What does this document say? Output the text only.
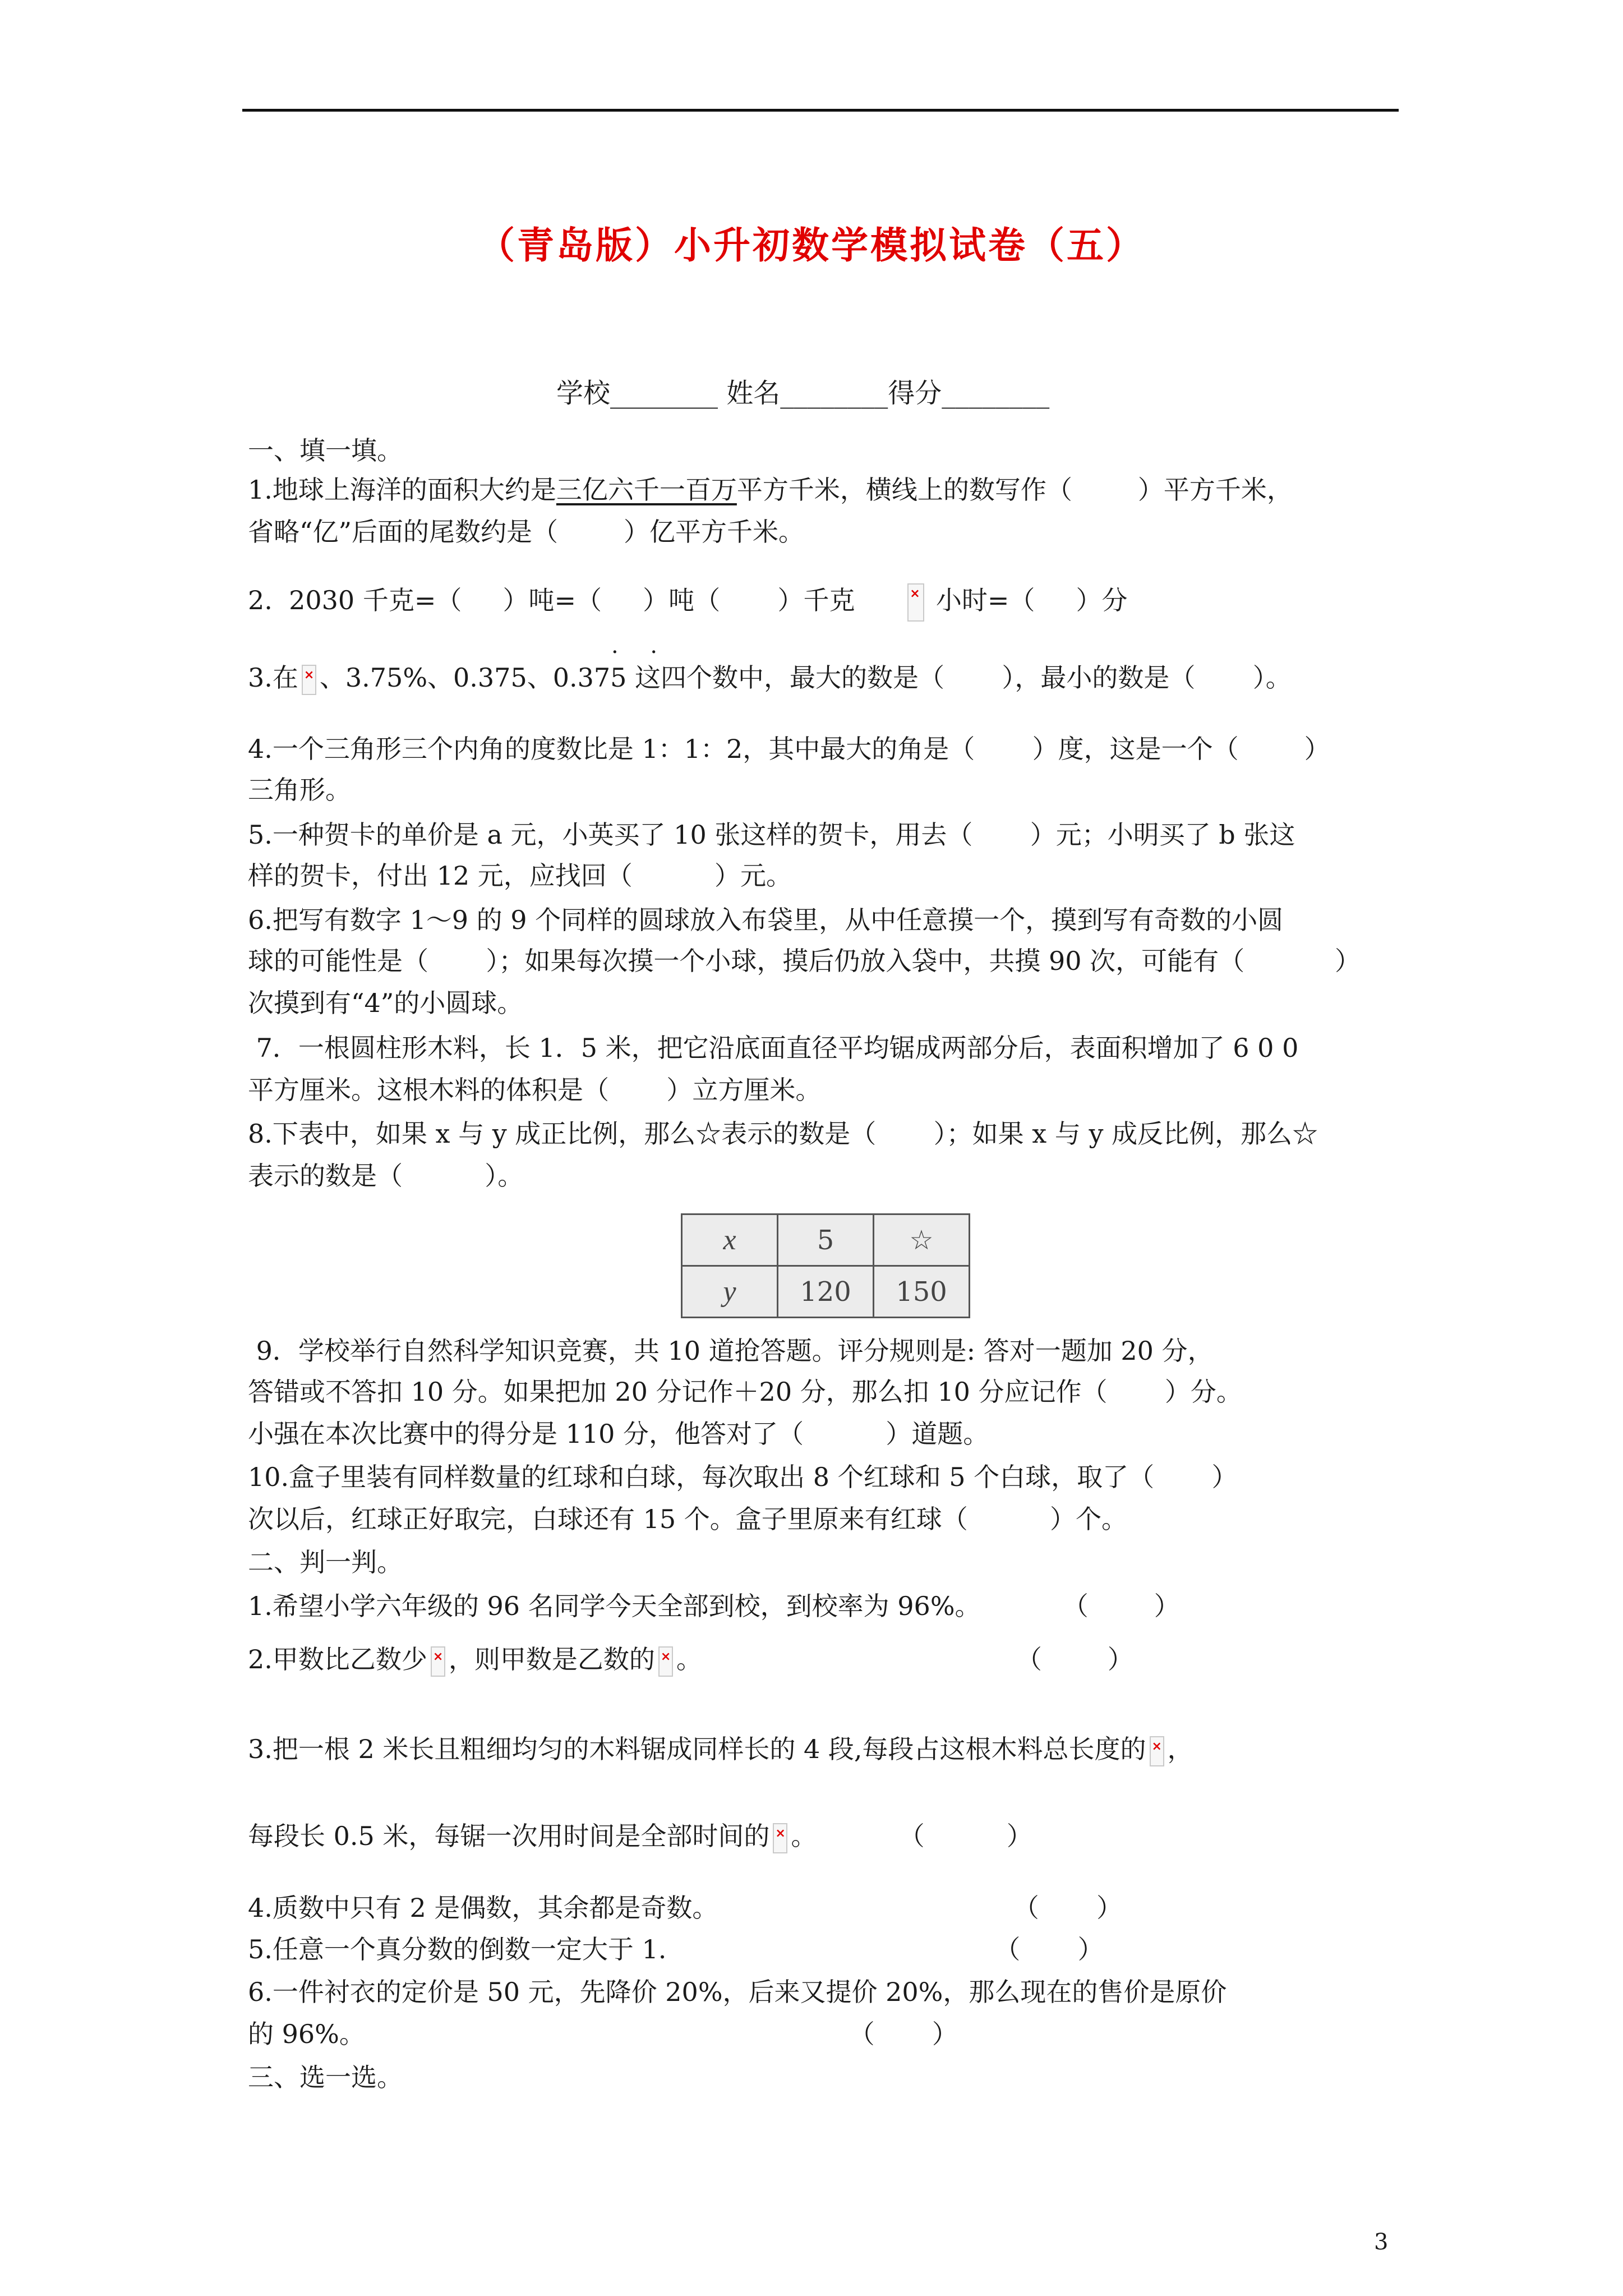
（青岛版）小升初数学模拟试卷（五）
学校________ 姓名________得分________
一、填一填。
1.地球上海洋的面积大约是三亿六千一百万平方千米，横线上的数写作（        ）平方千米，
省略“亿”后面的尾数约是（        ）亿平方千米。
2.  2030 千克=（     ）吨=（     ）吨（       ）千克 ×	小时=（     ）分
· ·
3.在 × 、3.75%、0.375、0.375 这四个数中，最大的数是（       ），最小的数是（       ）。
4.一个三角形三个内角的度数比是 1：1：2，其中最大的角是（       ）度，这是一个（        ）
三角形。
5.一种贺卡的单价是 a 元，小英买了 10 张这样的贺卡，用去（       ）元；小明买了 b 张这
样的贺卡，付出 12 元，应找回（          ）元。
6.把写有数字 1～9 的 9 个同样的圆球放入布袋里，从中任意摸一个，摸到写有奇数的小圆
球的可能性是（       ）；如果每次摸一个小球，摸后仍放入袋中，共摸 90 次，可能有（           ）
次摸到有“4”的小圆球。
7．一根圆柱形木料，长 1．5 米，把它沿底面直径平均锯成两部分后，表面积增加了 6 0 0
平方厘米。这根木料的体积是（       ）立方厘米。
8.下表中，如果 x 与 y 成正比例，那么☆表示的数是（       ）；如果 x 与 y 成反比例，那么☆
表示的数是（          ）。
x	5	☆
y	120	150
9．学校举行自然科学知识竞赛，共 10 道抢答题。评分规则是: 答对一题加 20 分，
答错或不答扣 10 分。如果把加 20 分记作＋20 分，那么扣 10 分应记作（       ）分。
小强在本次比赛中的得分是 110 分，他答对了（          ）道题。
10.盒子里装有同样数量的红球和白球，每次取出 8 个红球和 5 个白球，取了（       ）
次以后，红球正好取完，白球还有 15 个。盒子里原来有红球（          ）个。
二、判一判。
1.希望小学六年级的 96 名同学今天全部到校，到校率为 96%。          （        ）
2.甲数比乙数少 × ，则甲数是乙数的 × 。	（        ）
3.把一根 2 米长且粗细均匀的木料锯成同样长的 4 段,每段占这根木料总长度的 × ，
每段长 0.5 米，每锯一次用时间是全部时间的 × 。          （          ）
4.质数中只有 2 是偶数，其余都是奇数。                                    （       ）
5.任意一个真分数的倒数一定大于 1.                                        （       ）
6.一件衬衣的定价是 50 元，先降价 20%，后来又提价 20%，那么现在的售价是原价
的 96%。                                                           （       ）
三、选一选。
3
